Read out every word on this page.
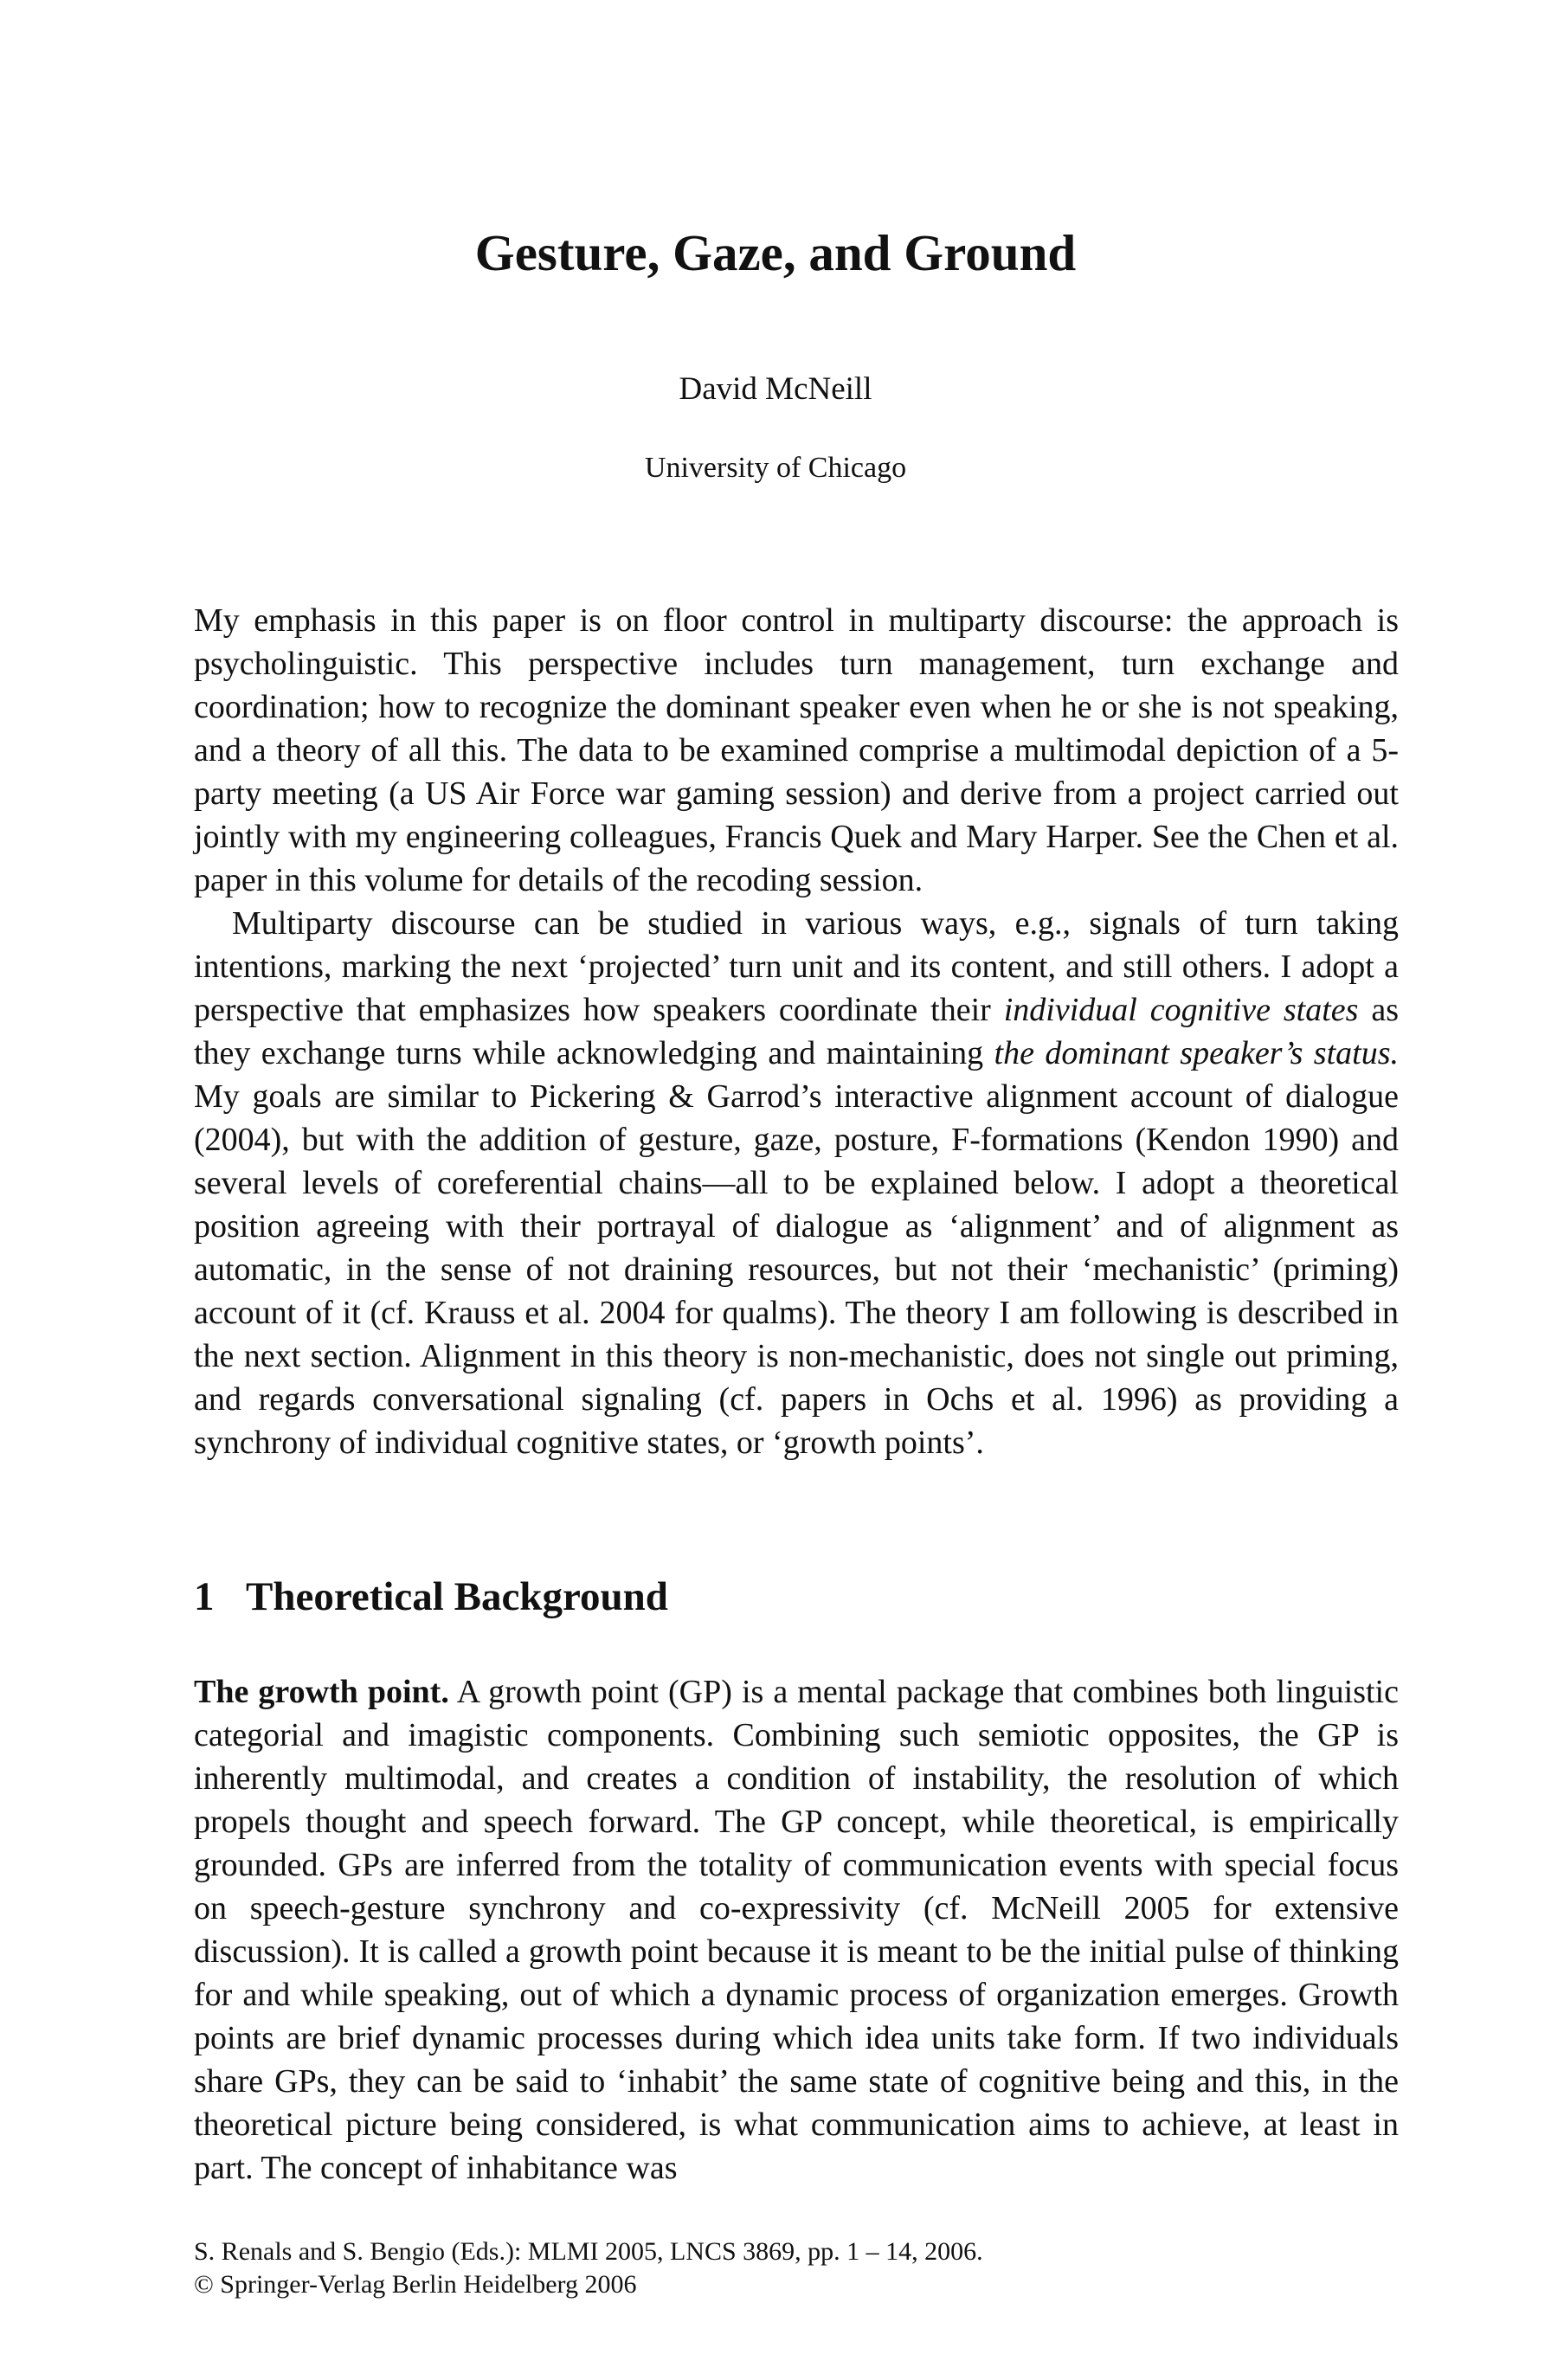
Gesture, Gaze, and Ground
David McNeill
University of Chicago

My emphasis in this paper is on floor control in multiparty discourse: the approach is psycholinguistic. This perspective includes turn management, turn exchange and coordination; how to recognize the dominant speaker even when he or she is not speaking, and a theory of all this. The data to be examined comprise a multimodal depiction of a 5-party meeting (a US Air Force war gaming session) and derive from a project carried out jointly with my engineering colleagues, Francis Quek and Mary Harper. See the Chen et al. paper in this volume for details of the recoding session.

Multiparty discourse can be studied in various ways, e.g., signals of turn taking intentions, marking the next ‘projected’ turn unit and its content, and still others. I adopt a perspective that emphasizes how speakers coordinate their individual cognitive states as they exchange turns while acknowledging and maintaining the dominant speaker’s status. My goals are similar to Pickering & Garrod’s interactive alignment account of dialogue (2004), but with the addition of gesture, gaze, posture, F-formations (Kendon 1990) and several levels of coreferential chains—all to be explained below. I adopt a theoretical position agreeing with their portrayal of dialogue as ‘alignment’ and of alignment as automatic, in the sense of not draining resources, but not their ‘mechanistic’ (priming) account of it (cf. Krauss et al. 2004 for qualms). The theory I am following is described in the next section. Alignment in this theory is non-mechanistic, does not single out priming, and regards conversational signaling (cf. papers in Ochs et al. 1996) as providing a synchrony of individual cognitive states, or ‘growth points’.

1 Theoretical Background

The growth point. A growth point (GP) is a mental package that combines both linguistic categorial and imagistic components. Combining such semiotic opposites, the GP is inherently multimodal, and creates a condition of instability, the resolution of which propels thought and speech forward. The GP concept, while theoretical, is empirically grounded. GPs are inferred from the totality of communication events with special focus on speech-gesture synchrony and co-expressivity (cf. McNeill 2005 for extensive discussion). It is called a growth point because it is meant to be the initial pulse of thinking for and while speaking, out of which a dynamic process of organization emerges. Growth points are brief dynamic processes during which idea units take form. If two individuals share GPs, they can be said to ‘inhabit’ the same state of cognitive being and this, in the theoretical picture being considered, is what communication aims to achieve, at least in part. The concept of inhabitance was

S. Renals and S. Bengio (Eds.): MLMI 2005, LNCS 3869, pp. 1 – 14, 2006.
© Springer-Verlag Berlin Heidelberg 2006
